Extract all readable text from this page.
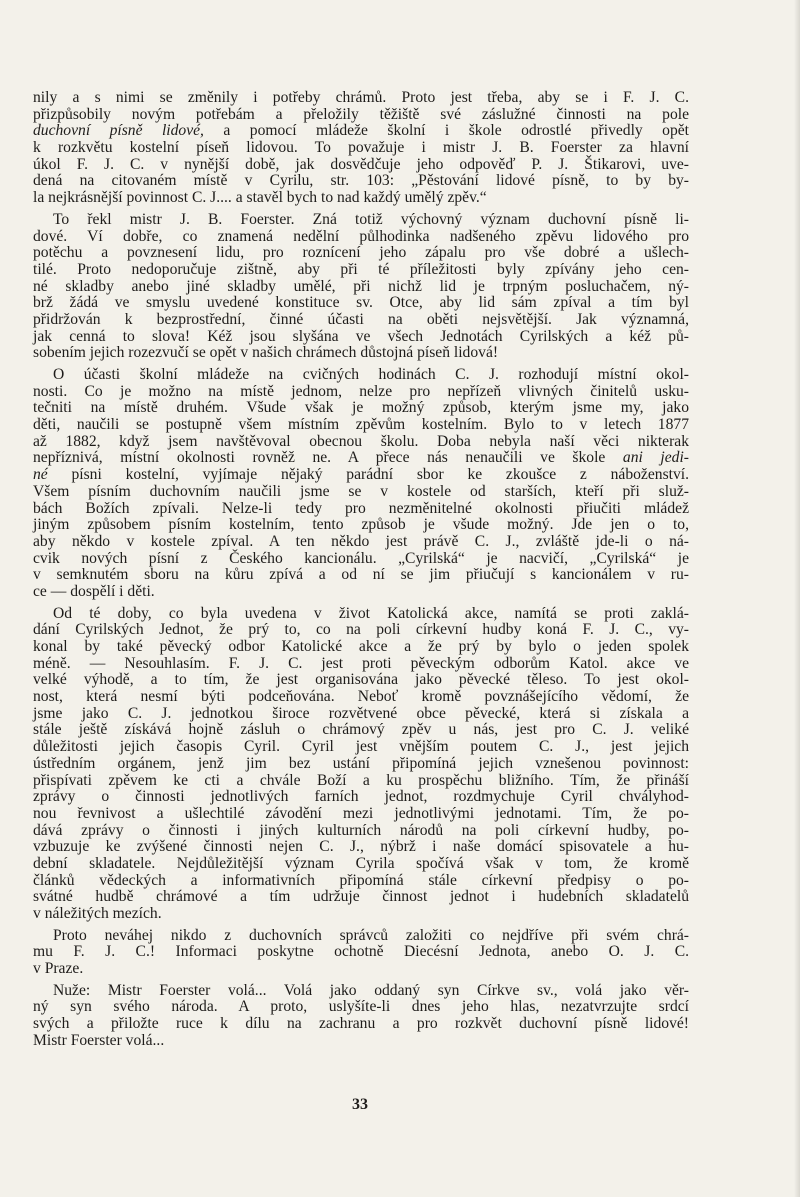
nily a s nimi se změnily i potřeby chrámů. Proto jest třeba, aby se i F. J. C.
přizpůsobily novým potřebám a přeložily těžiště své záslužné činnosti na pole
duchovní písně lidové, a pomocí mládeže školní i škole odrostlé přivedly opět
k rozkvětu kostelní píseň lidovou. To považuje i mistr J. B. Foerster za hlavní
úkol F. J. C. v nynější době, jak dosvědčuje jeho odpověď P. J. Štikarovi, uve-
dená na citovaném místě v Cyrilu, str. 103: „Pěstování lidové písně, to by by-
la nejkrásnější povinnost C. J.... a stavěl bych to nad každý umělý zpěv.“
To řekl mistr J. B. Foerster. Zná totiž výchovný význam duchovní písně li-
dové. Ví dobře, co znamená nedělní půlhodinka nadšeného zpěvu lidového pro
potěchu a povznesení lidu, pro roznícení jeho zápalu pro vše dobré a ušlech-
tilé. Proto nedoporučuje zištně, aby při té příležitosti byly zpívány jeho cen-
né skladby anebo jiné skladby umělé, při nichž lid je trpným posluchačem, ný-
brž žádá ve smyslu uvedené konstituce sv. Otce, aby lid sám zpíval a tím byl
přidržován k bezprostřední, činné účasti na oběti nejsvětější. Jak významná,
jak cenná to slova! Kéž jsou slyšána ve všech Jednotách Cyrilských a kéž pů-
sobením jejich rozezvučí se opět v našich chrámech důstojná píseň lidová!
O účasti školní mládeže na cvičných hodinách C. J. rozhodují místní okol-
nosti. Co je možno na místě jednom, nelze pro nepřízeň vlivných činitelů usku-
tečniti na místě druhém. Všude však je možný způsob, kterým jsme my, jako
děti, naučili se postupně všem místním zpěvům kostelním. Bylo to v letech 1877
až 1882, když jsem navštěvoval obecnou školu. Doba nebyla naší věci nikterak
nepříznivá, místní okolnosti rovněž ne. A přece nás nenaučili ve škole ani jedi-
né písni kostelní, vyjímaje nějaký parádní sbor ke zkoušce z náboženství.
Všem písním duchovním naučili jsme se v kostele od starších, kteří při služ-
bách Božích zpívali. Nelze-li tedy pro nezměnitelné okolnosti přiučiti mládež
jiným způsobem písním kostelním, tento způsob je všude možný. Jde jen o to,
aby někdo v kostele zpíval. A ten někdo jest právě C. J., zvláště jde-li o ná-
cvik nových písní z Českého kancionálu. „Cyrilská“ je nacvičí, „Cyrilská“ je
v semknutém sboru na kůru zpívá a od ní se jim přiučují s kancionálem v ru-
ce — dospělí i děti.
Od té doby, co byla uvedena v život Katolická akce, namítá se proti zaklá-
dání Cyrilských Jednot, že prý to, co na poli církevní hudby koná F. J. C., vy-
konal by také pěvecký odbor Katolické akce a že prý by bylo o jeden spolek
méně. — Nesouhlasím. F. J. C. jest proti pěveckým odborům Katol. akce ve
velké výhodě, a to tím, že jest organisována jako pěvecké těleso. To jest okol-
nost, která nesmí býti podceňována. Neboť kromě povznášejícího vědomí, že
jsme jako C. J. jednotkou široce rozvětvené obce pěvecké, která si získala a
stále ještě získává hojně zásluh o chrámový zpěv u nás, jest pro C. J. veliké
důležitosti jejich časopis Cyril. Cyril jest vnějším poutem C. J., jest jejich
ústředním orgánem, jenž jim bez ustání připomíná jejich vznešenou povinnost:
přispívati zpěvem ke cti a chvále Boží a ku prospěchu bližního. Tím, že přináší
zprávy o činnosti jednotlivých farních jednot, rozdmychuje Cyril chvályhod-
nou řevnivost a ušlechtilé závodění mezi jednotlivými jednotami. Tím, že po-
dává zprávy o činnosti i jiných kulturních národů na poli církevní hudby, po-
vzbuzuje ke zvýšené činnosti nejen C. J., nýbrž i naše domácí spisovatele a hu-
dební skladatele. Nejdůležitější význam Cyrila spočívá však v tom, že kromě
článků vědeckých a informativních připomíná stále církevní předpisy o po-
svátné hudbě chrámové a tím udržuje činnost jednot i hudebních skladatelů
v náležitých mezích.
Proto neváhej nikdo z duchovních správců založiti co nejdříve při svém chrá-
mu F. J. C.! Informaci poskytne ochotně Diecésní Jednota, anebo O. J. C.
v Praze.
Nuže: Mistr Foerster volá... Volá jako oddaný syn Církve sv., volá jako věr-
ný syn svého národa. A proto, uslyšíte-li dnes jeho hlas, nezatvrzujte srdcí
svých a přiložte ruce k dílu na zachranu a pro rozkvět duchovní písně lidové!
Mistr Foerster volá...
33
